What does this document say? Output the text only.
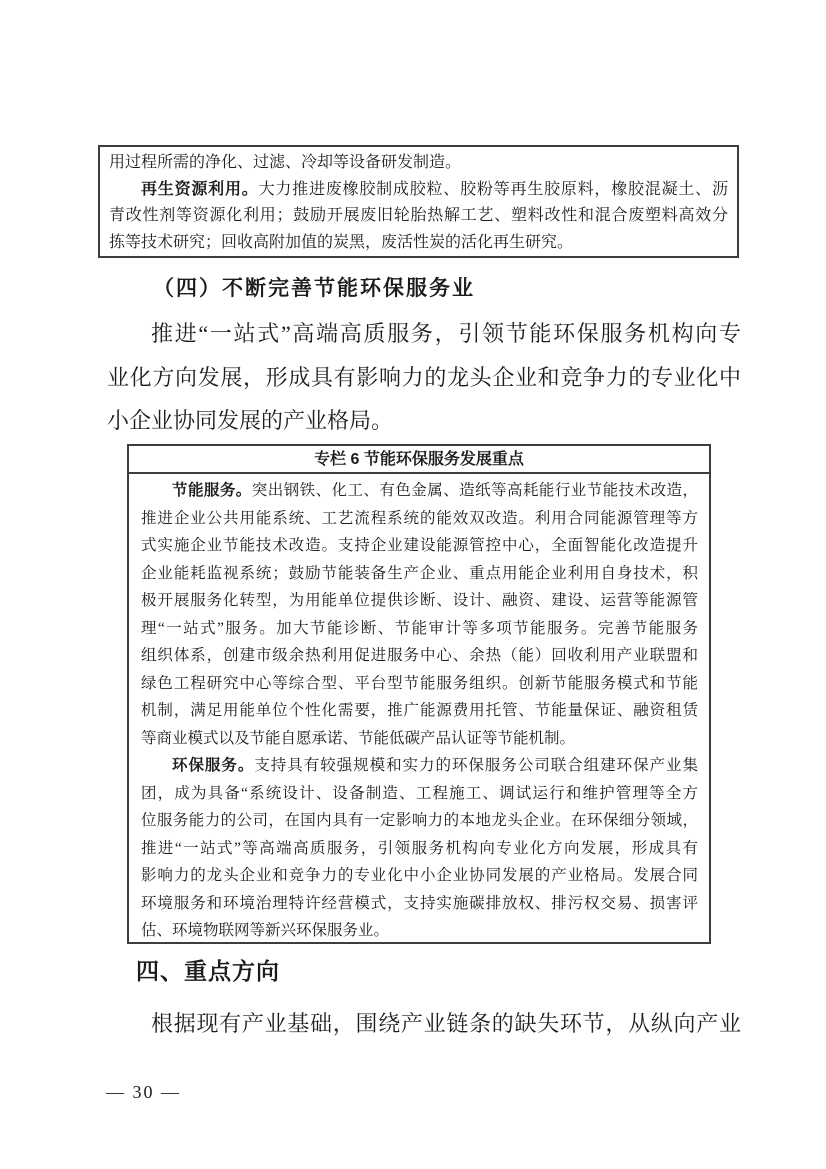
用过程所需的净化、过滤、冷却等设备研发制造。
再生资源利用。大力推进废橡胶制成胶粒、胶粉等再生胶原料，橡胶混凝土、沥
青改性剂等资源化利用；鼓励开展废旧轮胎热解工艺、塑料改性和混合废塑料高效分
拣等技术研究；回收高附加值的炭黑，废活性炭的活化再生研究。
（四）不断完善节能环保服务业
推进“一站式”高端高质服务，引领节能环保服务机构向专
业化方向发展，形成具有影响力的龙头企业和竞争力的专业化中
小企业协同发展的产业格局。
专栏 6 节能环保服务发展重点
节能服务。突出钢铁、化工、有色金属、造纸等高耗能行业节能技术改造，
推进企业公共用能系统、工艺流程系统的能效双改造。利用合同能源管理等方
式实施企业节能技术改造。支持企业建设能源管控中心，全面智能化改造提升
企业能耗监视系统；鼓励节能装备生产企业、重点用能企业利用自身技术，积
极开展服务化转型，为用能单位提供诊断、设计、融资、建设、运营等能源管
理“一站式”服务。加大节能诊断、节能审计等多项节能服务。完善节能服务
组织体系，创建市级余热利用促进服务中心、余热（能）回收利用产业联盟和
绿色工程研究中心等综合型、平台型节能服务组织。创新节能服务模式和节能
机制，满足用能单位个性化需要，推广能源费用托管、节能量保证、融资租赁
等商业模式以及节能自愿承诺、节能低碳产品认证等节能机制。
环保服务。支持具有较强规模和实力的环保服务公司联合组建环保产业集
团，成为具备“系统设计、设备制造、工程施工、调试运行和维护管理等全方
位服务能力的公司，在国内具有一定影响力的本地龙头企业。在环保细分领域，
推进“一站式”等高端高质服务，引领服务机构向专业化方向发展，形成具有
影响力的龙头企业和竞争力的专业化中小企业协同发展的产业格局。发展合同
环境服务和环境治理特许经营模式，支持实施碳排放权、排污权交易、损害评
估、环境物联网等新兴环保服务业。
四、重点方向
根据现有产业基础，围绕产业链条的缺失环节，从纵向产业
— 30 —
